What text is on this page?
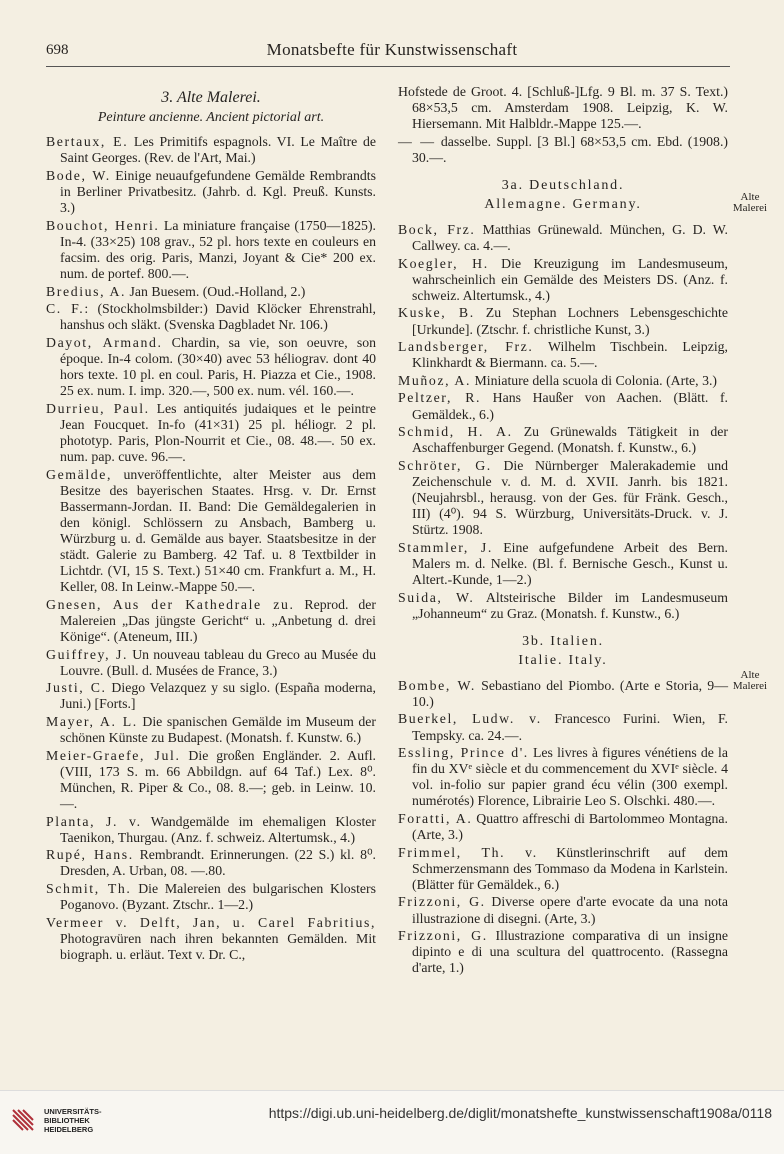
698	Monatsbefte für Kunstwissenschaft
3. Alte Malerei.
Peinture ancienne. Ancient pictorial art.
Bertaux, E. Les Primitifs espagnols. VI. Le Maître de Saint Georges. (Rev. de l'Art, Mai.)
Bode, W. Einige neuaufgefundene Gemälde Rembrandts in Berliner Privatbesitz. (Jahrb. d. Kgl. Preuß. Kunsts. 3.)
Bouchot, Henri. La miniature française (1750—1825). In-4. (33×25) 108 grav., 52 pl. hors texte en couleurs en facsim. des orig. Paris, Manzi, Joyant & Cie* 200 ex. num. de portef. 800.—.
Bredius, A. Jan Buesem. (Oud.-Holland, 2.)
C. F.: (Stockholmsbilder:) David Klöcker Ehrenstrahl, hanshus och släkt. (Svenska Dagbladet Nr. 106.)
Dayot, Armand. Chardin, sa vie, son oeuvre, son époque. In-4 colom. (30×40) avec 53 héliograv. dont 40 hors texte. 10 pl. en coul. Paris, H. Piazza et Cie., 1908. 25 ex. num. I. imp. 320.—, 500 ex. num. vél. 160.—.
Durrieu, Paul. Les antiquités judaiques et le peintre Jean Foucquet. In-fo (41×31) 25 pl. héliogr. 2 pl. phototyp. Paris, Plon-Nourrit et Cie., 08. 48.—. 50 ex. num. pap. cuve. 96.—.
Gemälde, unveröffentlichte, alter Meister aus dem Besitze des bayerischen Staates. Hrsg. v. Dr. Ernst Bassermann-Jordan. II. Band: Die Gemäldegalerien in den königl. Schlössern zu Ansbach, Bamberg u. Würzburg u. d. Gemälde aus bayer. Staatsbesitze in der städt. Galerie zu Bamberg. 42 Taf. u. 8 Textbilder in Lichtdr. (VI, 15 S. Text.) 51×40 cm. Frankfurt a. M., H. Keller, 08. In Leinw.-Mappe 50.—.
Gnesen, Aus der Kathedrale zu. Reprod. der Malereien „Das jüngste Gericht“ u. „Anbetung d. drei Könige“. (Ateneum, III.)
Guiffrey, J. Un nouveau tableau du Greco au Musée du Louvre. (Bull. d. Musées de France, 3.)
Justi, C. Diego Velazquez y su siglo. (España moderna, Juni.) [Forts.]
Mayer, A. L. Die spanischen Gemälde im Museum der schönen Künste zu Budapest. (Monatsh. f. Kunstw. 6.)
Meier-Graefe, Jul. Die großen Engländer. 2. Aufl. (VIII, 173 S. m. 66 Abbildgn. auf 64 Taf.) Lex. 8⁰. München, R. Piper & Co., 08. 8.—; geb. in Leinw. 10.—.
Planta, J. v. Wandgemälde im ehemaligen Kloster Taenikon, Thurgau. (Anz. f. schweiz. Altertumsk., 4.)
Rupé, Hans. Rembrandt. Erinnerungen. (22 S.) kl. 8⁰. Dresden, A. Urban, 08. —.80.
Schmit, Th. Die Malereien des bulgarischen Klosters Poganovo. (Byzant. Ztschr.. 1—2.)
Vermeer v. Delft, Jan, u. Carel Fabritius, Photogravüren nach ihren bekannten Gemälden. Mit biograph. u. erläut. Text v. Dr. C.,
Hofstede de Groot. 4. [Schluß-]Lfg. 9 Bl. m. 37 S. Text.) 68×53,5 cm. Amsterdam 1908. Leipzig, K. W. Hiersemann. Mit Halbldr.-Mappe 125.—.
— — dasselbe. Suppl. [3 Bl.] 68×53,5 cm. Ebd. (1908.) 30.—.
3a. Deutschland.
Allemagne. Germany.
Bock, Frz. Matthias Grünewald. München, G. D. W. Callwey. ca. 4.—.
Koegler, H. Die Kreuzigung im Landesmuseum, wahrscheinlich ein Gemälde des Meisters DS. (Anz. f. schweiz. Altertumsk., 4.)
Kuske, B. Zu Stephan Lochners Lebensgeschichte [Urkunde]. (Ztschr. f. christliche Kunst, 3.)
Landsberger, Frz. Wilhelm Tischbein. Leipzig, Klinkhardt & Biermann. ca. 5.—.
Muñoz, A. Miniature della scuola di Colonia. (Arte, 3.)
Peltzer, R. Hans Haußer von Aachen. (Blätt. f. Gemäldek., 6.)
Schmid, H. A. Zu Grünewalds Tätigkeit in der Aschaffenburger Gegend. (Monatsh. f. Kunstw., 6.)
Schröter, G. Die Nürnberger Malerakademie und Zeichenschule v. d. M. d. XVII. Janrh. bis 1821. (Neujahrsbl., herausg. von der Ges. für Fränk. Gesch., III) (4⁰). 94 S. Würzburg, Universitäts-Druck. v. J. Stürtz. 1908.
Stammler, J. Eine aufgefundene Arbeit des Bern. Malers m. d. Nelke. (Bl. f. Bernische Gesch., Kunst u. Altert.-Kunde, 1—2.)
Suida, W. Altsteirische Bilder im Landesmuseum „Johanneum“ zu Graz. (Monatsh. f. Kunstw., 6.)
3b. Italien.
Italie. Italy.
Bombe, W. Sebastiano del Piombo. (Arte e Storia, 9—10.)
Buerkel, Ludw. v. Francesco Furini. Wien, F. Tempsky. ca. 24.—.
Essling, Prince d'. Les livres à figures vénétiens de la fin du XVᵉ siècle et du commencement du XVIᵉ siècle. 4 vol. in-folio sur papier grand écu vélin (300 exempl. numérotés) Florence, Librairie Leo S. Olschki. 480.—.
Foratti, A. Quattro affreschi di Bartolommeo Montagna. (Arte, 3.)
Frimmel, Th. v. Künstlerinschrift auf dem Schmerzensmann des Tommaso da Modena in Karlstein. (Blätter für Gemäldek., 6.)
Frizzoni, G. Diverse opere d'arte evocate da una nota illustrazione di disegni. (Arte, 3.)
Frizzoni, G. Illustrazione comparativa di un insigne dipinto e di una scultura del quattrocento. (Rassegna d'arte, 1.)
Alte
Malerei
Alte
Malerei
UNIVERSITÄTS-
BIBLIOTHEK
HEIDELBERG
https://digi.ub.uni-heidelberg.de/diglit/monatshefte_kunstwissenschaft1908a/0118
